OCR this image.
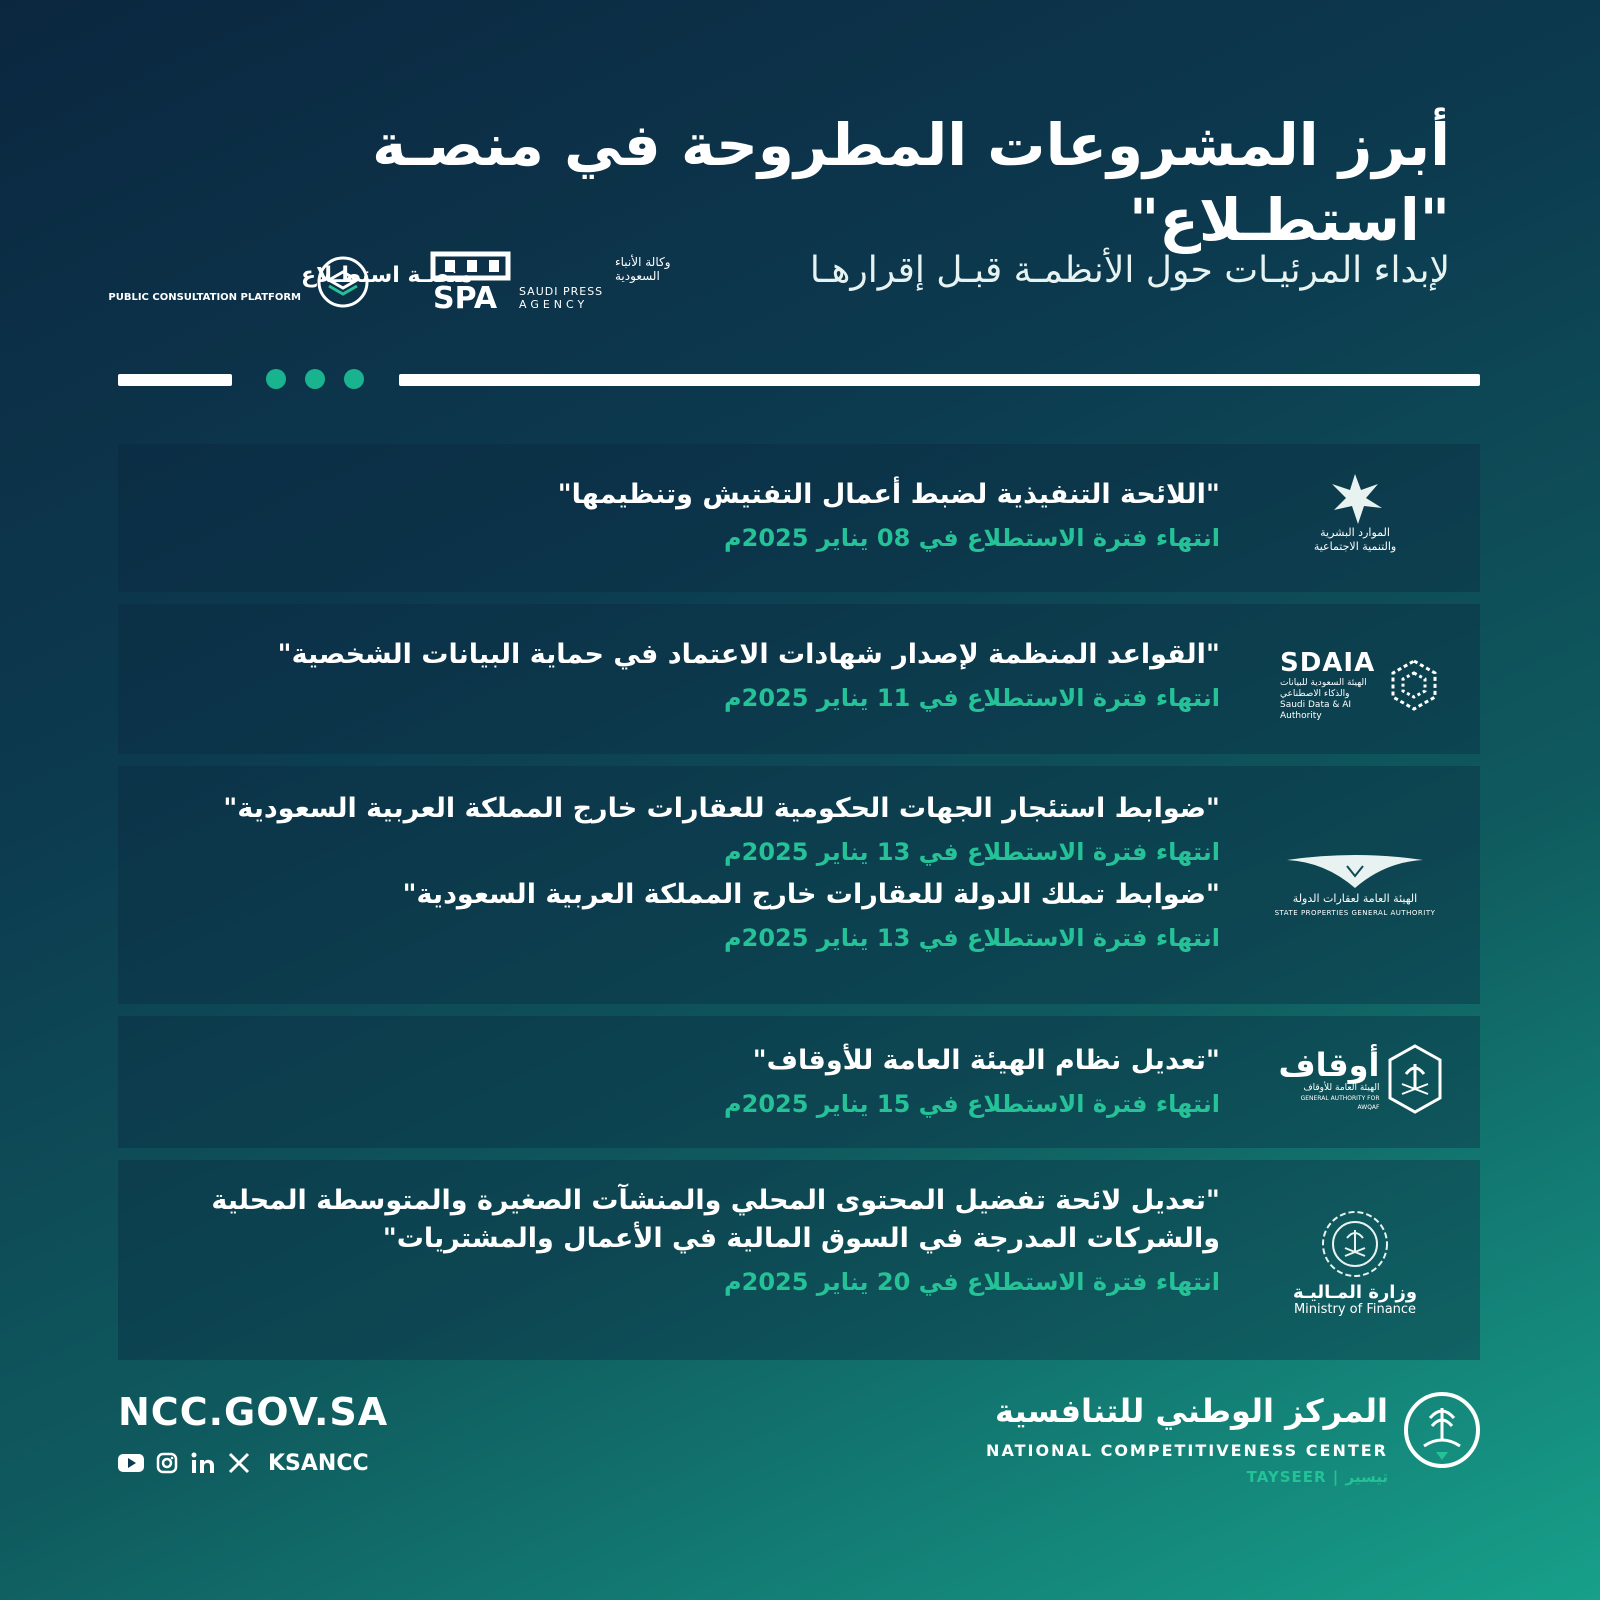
أبرز المشروعات المطروحة في منصـة "استطـلاع"
لإبداء المرئيـات حول الأنظمـة قبـل إقرارهـا
SPA
وكالة الأنباء
السعودية
SAUDI PRESS
AGENCY
منصـة استطـلاع
PUBLIC CONSULTATION PLATFORM
"اللائحة التنفيذية لضبط أعمال التفتيش وتنظيمها"
انتهاء فترة الاستطلاع في 08 يناير 2025م	الموارد البشرية
والتنمية الاجتماعية
"القواعد المنظمة لإصدار شهادات الاعتماد في حماية البيانات الشخصية"
انتهاء فترة الاستطلاع في 11 يناير 2025م
SDAIA
الهيئة السعودية للبيانات والذكاء الاصطناعي
Saudi Data & AI Authority
"ضوابط استئجار الجهات الحكومية للعقارات خارج المملكة العربية السعودية"
انتهاء فترة الاستطلاع في 13 يناير 2025م
"ضوابط تملك الدولة للعقارات خارج المملكة العربية السعودية"
انتهاء فترة الاستطلاع في 13 يناير 2025م
الهيئة العامة لعقارات الدولة
STATE PROPERTIES GENERAL AUTHORITY
"تعديل نظام الهيئة العامة للأوقاف"
انتهاء فترة الاستطلاع في 15 يناير 2025م
أوقاف
الهيئة العامة للأوقاف
GENERAL AUTHORITY FOR AWQAF
"تعديل لائحة تفضيل المحتوى المحلي والمنشآت الصغيرة والمتوسطة المحلية
والشركات المدرجة في السوق المالية في الأعمال والمشتريات"
انتهاء فترة الاستطلاع في 20 يناير 2025م	وزارة المـاليـة
Ministry of Finance
NCC.GOV.SA
KSANCC
المركز الوطني للتنافسية
NATIONAL COMPETITIVENESS CENTER
TAYSEER | تيسير
